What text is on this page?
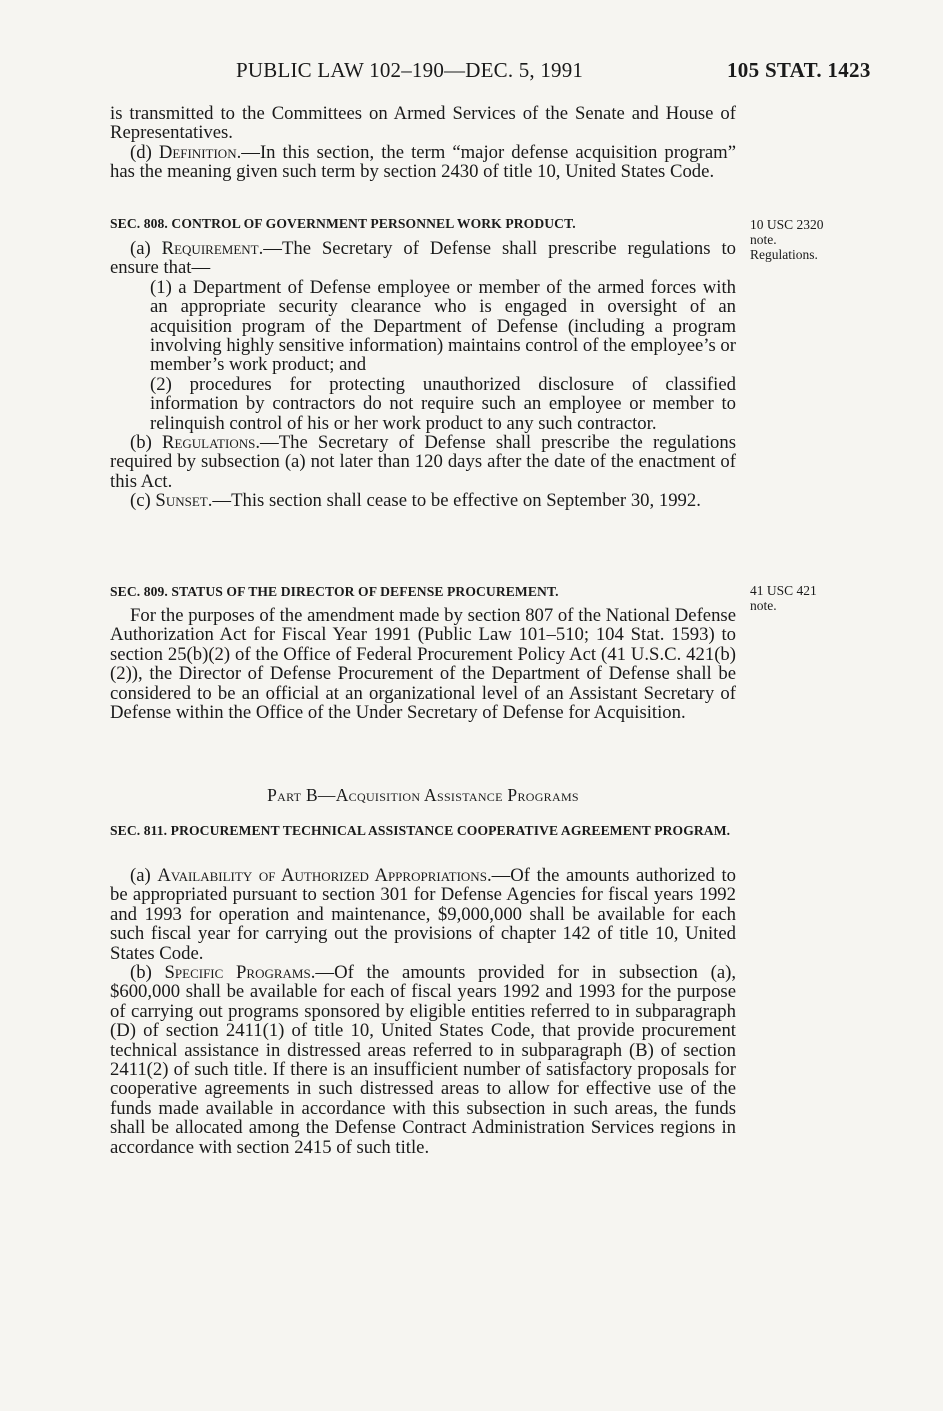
PUBLIC LAW 102–190—DEC. 5, 1991	105 STAT. 1423

is transmitted to the Committees on Armed Services of the Senate and House of Representatives.

(d) Definition.—In this section, the term “major defense acquisition program” has the meaning given such term by section 2430 of title 10, United States Code.

SEC. 808. CONTROL OF GOVERNMENT PERSONNEL WORK PRODUCT.	10 USC 2320
note.
Regulations.

(a) Requirement.—The Secretary of Defense shall prescribe regulations to ensure that—

(1) a Department of Defense employee or member of the armed forces with an appropriate security clearance who is engaged in oversight of an acquisition program of the Department of Defense (including a program involving highly sensitive information) maintains control of the employee’s or member’s work product; and

(2) procedures for protecting unauthorized disclosure of classified information by contractors do not require such an employee or member to relinquish control of his or her work product to any such contractor.

(b) Regulations.—The Secretary of Defense shall prescribe the regulations required by subsection (a) not later than 120 days after the date of the enactment of this Act.

(c) Sunset.—This section shall cease to be effective on September 30, 1992.

SEC. 809. STATUS OF THE DIRECTOR OF DEFENSE PROCUREMENT.	41 USC 421
note.

For the purposes of the amendment made by section 807 of the National Defense Authorization Act for Fiscal Year 1991 (Public Law 101–510; 104 Stat. 1593) to section 25(b)(2) of the Office of Federal Procurement Policy Act (41 U.S.C. 421(b)(2)), the Director of Defense Procurement of the Department of Defense shall be considered to be an official at an organizational level of an Assistant Secretary of Defense within the Office of the Under Secretary of Defense for Acquisition.

Part B—Acquisition Assistance Programs
SEC. 811. PROCUREMENT TECHNICAL ASSISTANCE COOPERATIVE AGREEMENT PROGRAM.

(a) Availability of Authorized Appropriations.—Of the amounts authorized to be appropriated pursuant to section 301 for Defense Agencies for fiscal years 1992 and 1993 for operation and maintenance, $9,000,000 shall be available for each such fiscal year for carrying out the provisions of chapter 142 of title 10, United States Code.

(b) Specific Programs.—Of the amounts provided for in subsection (a), $600,000 shall be available for each of fiscal years 1992 and 1993 for the purpose of carrying out programs sponsored by eligible entities referred to in subparagraph (D) of section 2411(1) of title 10, United States Code, that provide procurement technical assistance in distressed areas referred to in subparagraph (B) of section 2411(2) of such title. If there is an insufficient number of satisfactory proposals for cooperative agreements in such distressed areas to allow for effective use of the funds made available in accordance with this subsection in such areas, the funds shall be allocated among the Defense Contract Administration Services regions in accordance with section 2415 of such title.
